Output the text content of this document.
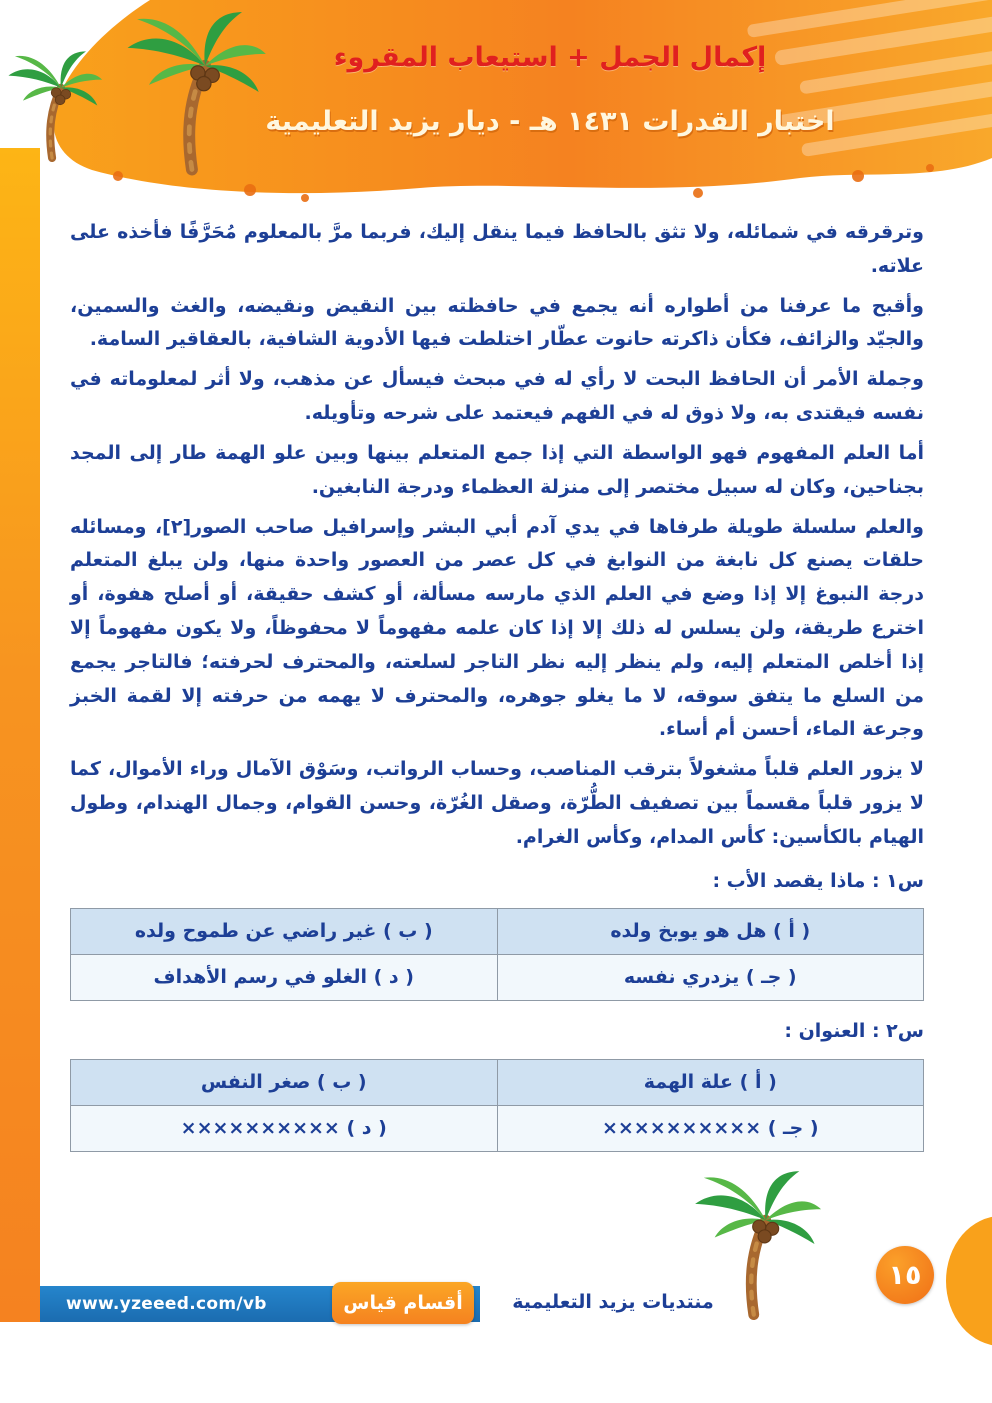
إكمال الجمل + استيعاب المقروء
اختبار القدرات ١٤٣١ هـ - ديار يزيد التعليمية

وترقرقه في شمائله، ولا تثق بالحافظ فيما ينقل إليك، فربما مرَّ بالمعلوم مُحَرَّفًا فأخذه على علاته.

وأقبح ما عرفنا من أطواره أنه يجمع في حافظته بين النقيض ونقيضه، والغث والسمين، والجيّد والزائف، فكأن ذاكرته حانوت عطّار اختلطت فيها الأدوية الشافية، بالعقاقير السامة.

وجملة الأمر أن الحافظ البحت لا رأي له في مبحث فيسأل عن مذهب، ولا أثر لمعلوماته في نفسه فيقتدى به، ولا ذوق له في الفهم فيعتمد على شرحه وتأويله.

أما العلم المفهوم فهو الواسطة التي إذا جمع المتعلم بينها وبين علو الهمة طار إلى المجد بجناحين، وكان له سبيل مختصر إلى منزلة العظماء ودرجة النابغين.

والعلم سلسلة طويلة طرفاها في يدي آدم أبي البشر وإسرافيل صاحب الصور[٢]، ومسائله حلقات يصنع كل نابغة من النوابغ في كل عصر من العصور واحدة منها، ولن يبلغ المتعلم درجة النبوغ إلا إذا وضع في العلم الذي مارسه مسألة، أو كشف حقيقة، أو أصلح هفوة، أو اخترع طريقة، ولن يسلس له ذلك إلا إذا كان علمه مفهوماً لا محفوظاً، ولا يكون مفهوماً إلا إذا أخلص المتعلم إليه، ولم ينظر إليه نظر التاجر لسلعته، والمحترف لحرفته؛ فالتاجر يجمع من السلع ما يتفق سوقه، لا ما يغلو جوهره، والمحترف لا يهمه من حرفته إلا لقمة الخبز وجرعة الماء، أحسن أم أساء.

لا يزور العلم قلباً مشغولاً بترقب المناصب، وحساب الرواتب، وسَوْق الآمال وراء الأموال، كما لا يزور قلباً مقسماً بين تصفيف الطُّرّة، وصقل الغُرّة، وحسن القوام، وجمال الهندام، وطول الهيام بالكأسين: كأس المدام، وكأس الغرام.

س١ : ماذا يقصد الأب :
( أ ) هل هو يوبخ ولده	( ب ) غير راضي عن طموح ولده
( جـ ) يزدري نفسه	( د ) الغلو في رسم الأهداف
س٢ : العنوان :
( أ ) علة الهمة	( ب ) صغر النفس
( جـ ) ××××××××××	( د ) ××××××××××
www.yzeeed.com/vb	أقسام قياس	منتديات يزيد التعليمية
١٥
